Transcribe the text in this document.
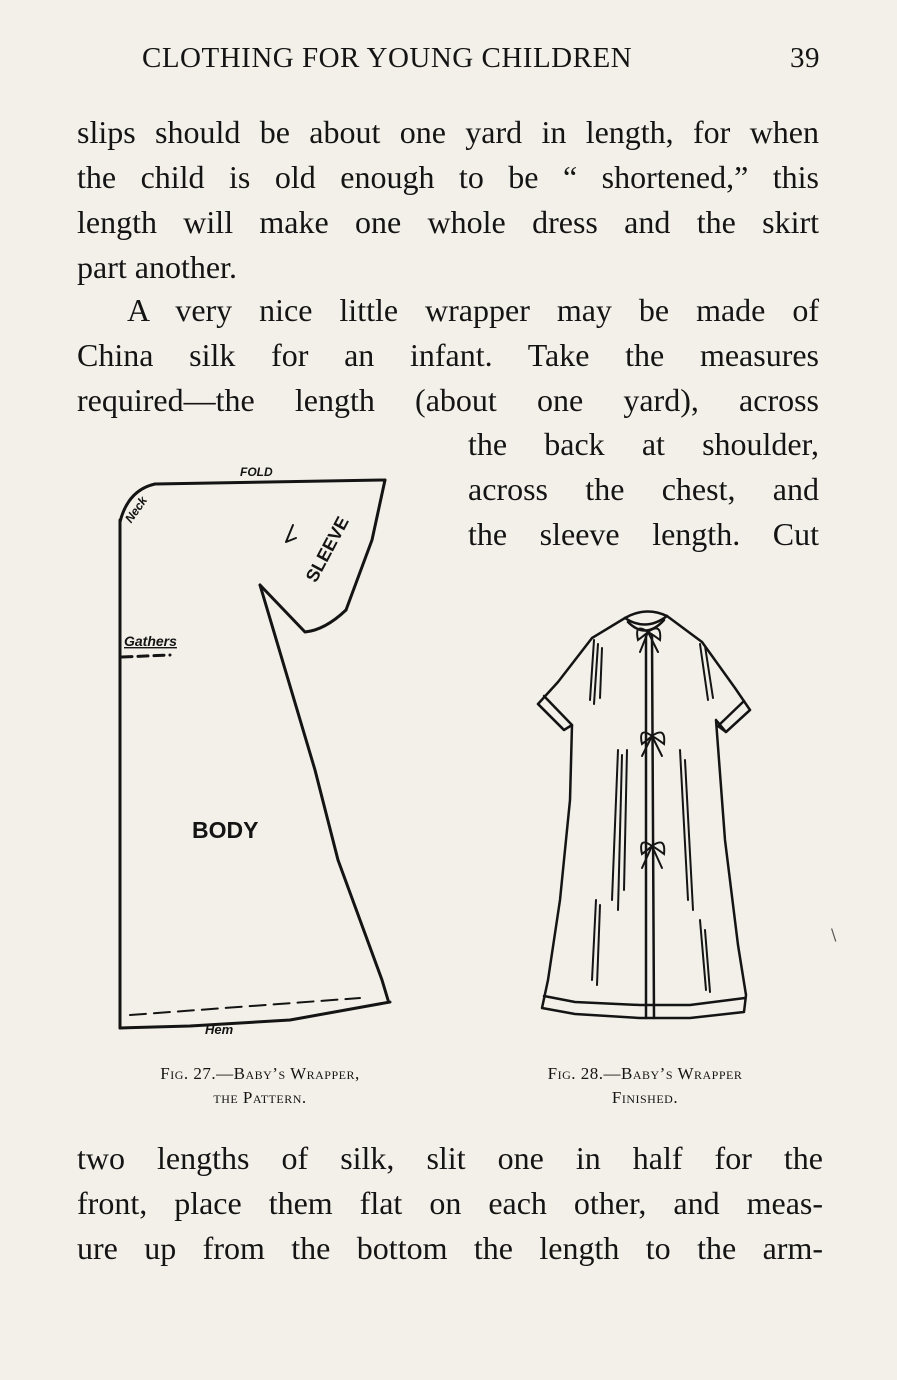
CLOTHING FOR YOUNG CHILDREN	39

slips should be about one yard in length, for when
the child is old enough to be “ shortened,” this
length will make one whole dress and the skirt
part another.

A very nice little wrapper may be made of
China silk for an infant. Take the measures
required—the length (about one yard), across

the back at shoulder,
across the chest, and
the sleeve length. Cut

FOLD
Neck
SLEEVE
Gathers
BODY
Hem
Fig. 27.—Baby’s Wrapper,
the Pattern.
Fig. 28.—Baby’s Wrapper
Finished.
\

two lengths of silk, slit one in half for the
front, place them flat on each other, and meas-
ure up from the bottom the length to the arm-
